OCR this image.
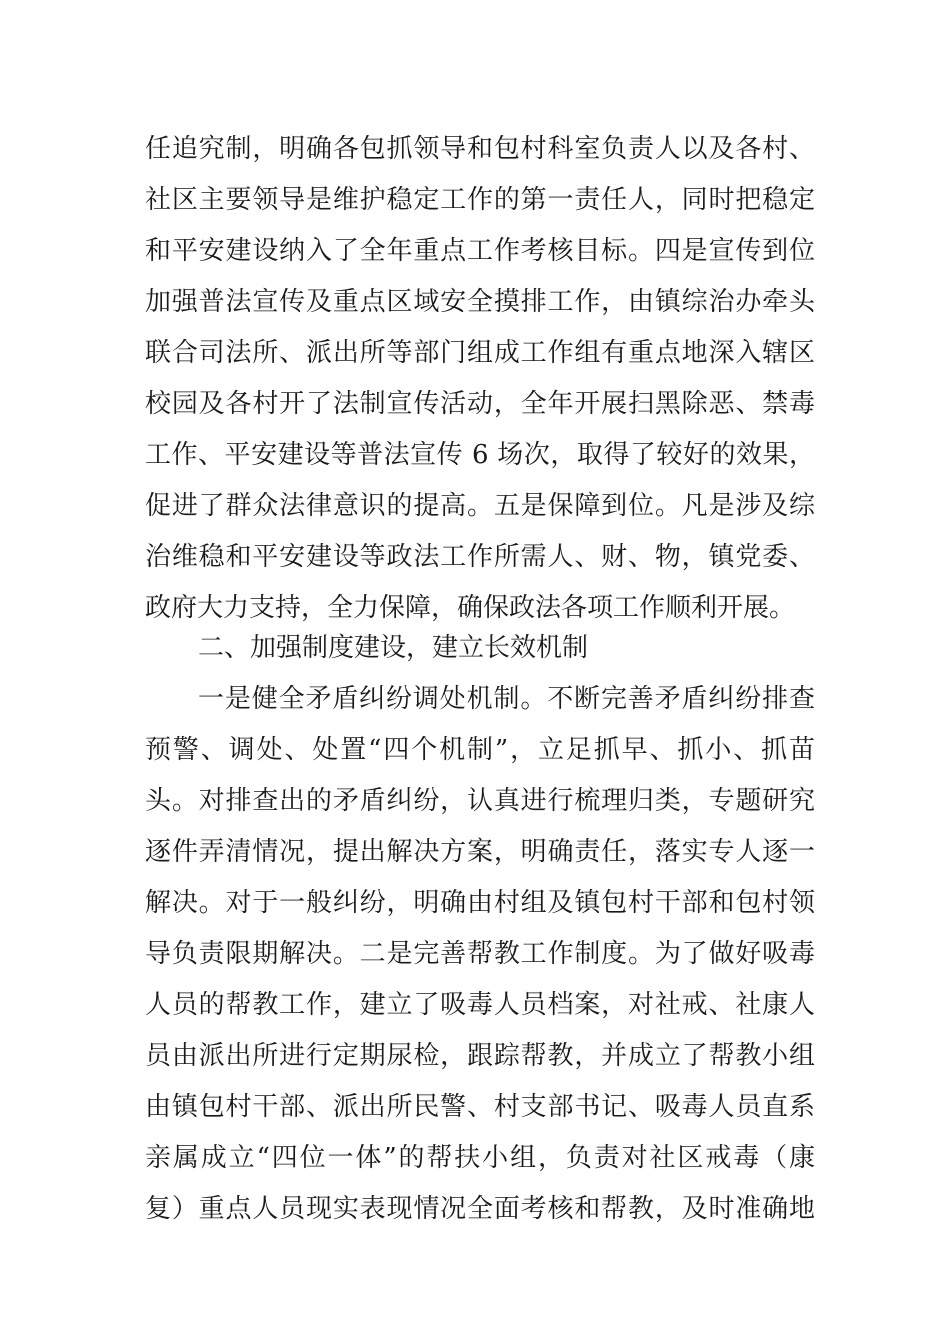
任追究制，明确各包抓领导和包村科室负责人以及各村、
社区主要领导是维护稳定工作的第一责任人，同时把稳定
和平安建设纳入了全年重点工作考核目标。四是宣传到位
加强普法宣传及重点区域安全摸排工作，由镇综治办牵头
联合司法所、派出所等部门组成工作组有重点地深入辖区
校园及各村开了法制宣传活动，全年开展扫黑除恶、禁毒
工作、平安建设等普法宣传 6 场次，取得了较好的效果，
促进了群众法律意识的提高。五是保障到位。凡是涉及综
治维稳和平安建设等政法工作所需人、财、物，镇党委、
政府大力支持，全力保障，确保政法各项工作顺利开展。
二、加强制度建设，建立长效机制
一是健全矛盾纠纷调处机制。不断完善矛盾纠纷排查
预警、调处、处置“四个机制”，立足抓早、抓小、抓苗
头。对排查出的矛盾纠纷，认真进行梳理归类，专题研究
逐件弄清情况，提出解决方案，明确责任，落实专人逐一
解决。对于一般纠纷，明确由村组及镇包村干部和包村领
导负责限期解决。二是完善帮教工作制度。为了做好吸毒
人员的帮教工作，建立了吸毒人员档案，对社戒、社康人
员由派出所进行定期尿检，跟踪帮教，并成立了帮教小组
由镇包村干部、派出所民警、村支部书记、吸毒人员直系
亲属成立“四位一体”的帮扶小组，负责对社区戒毒（康
复）重点人员现实表现情况全面考核和帮教，及时准确地
